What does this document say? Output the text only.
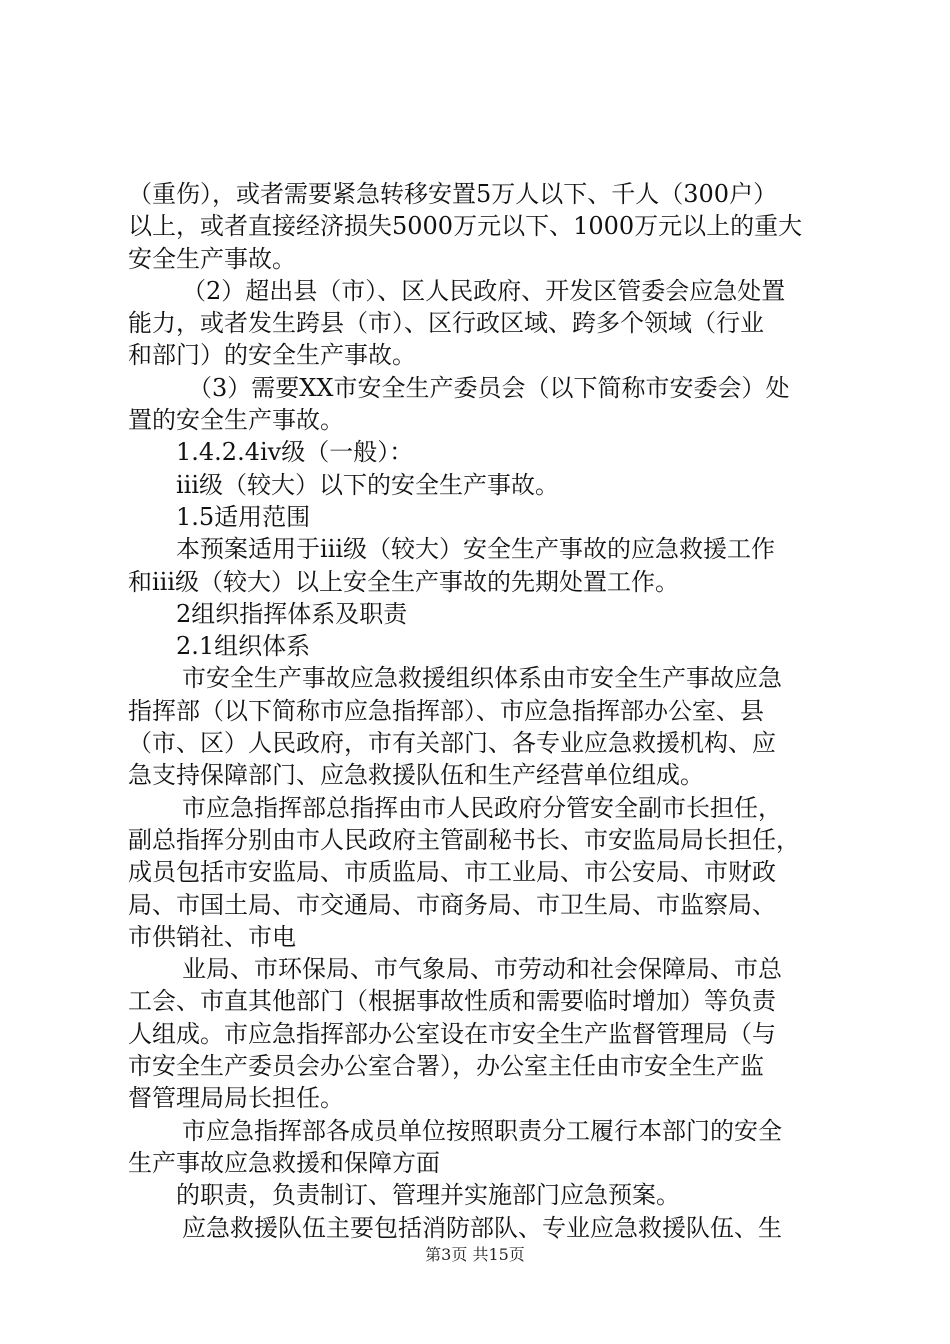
（重伤），或者需要紧急转移安置5万人以下、千人（300户）
以上，或者直接经济损失5000万元以下、1000万元以上的重大
安全生产事故。
（2）超出县（市）、区人民政府、开发区管委会应急处置
能力，或者发生跨县（市）、区行政区域、跨多个领域（行业
和部门）的安全生产事故。
（3）需要XX市安全生产委员会（以下简称市安委会）处
置的安全生产事故。
1.4.2.4ⅳ级（一般）：
ⅲ级（较大）以下的安全生产事故。
1.5适用范围
本预案适用于ⅲ级（较大）安全生产事故的应急救援工作
和ⅲ级（较大）以上安全生产事故的先期处置工作。
2组织指挥体系及职责
2.1组织体系
市安全生产事故应急救援组织体系由市安全生产事故应急
指挥部（以下简称市应急指挥部）、市应急指挥部办公室、县
（市、区）人民政府，市有关部门、各专业应急救援机构、应
急支持保障部门、应急救援队伍和生产经营单位组成。
市应急指挥部总指挥由市人民政府分管安全副市长担任，
副总指挥分别由市人民政府主管副秘书长、市安监局局长担任，
成员包括市安监局、市质监局、市工业局、市公安局、市财政
局、市国土局、市交通局、市商务局、市卫生局、市监察局、
市供销社、市电
业局、市环保局、市气象局、市劳动和社会保障局、市总
工会、市直其他部门（根据事故性质和需要临时增加）等负责
人组成。市应急指挥部办公室设在市安全生产监督管理局（与
市安全生产委员会办公室合署），办公室主任由市安全生产监
督管理局局长担任。
市应急指挥部各成员单位按照职责分工履行本部门的安全
生产事故应急救援和保障方面
的职责，负责制订、管理并实施部门应急预案。
应急救援队伍主要包括消防部队、专业应急救援队伍、生
第3页 共15页
